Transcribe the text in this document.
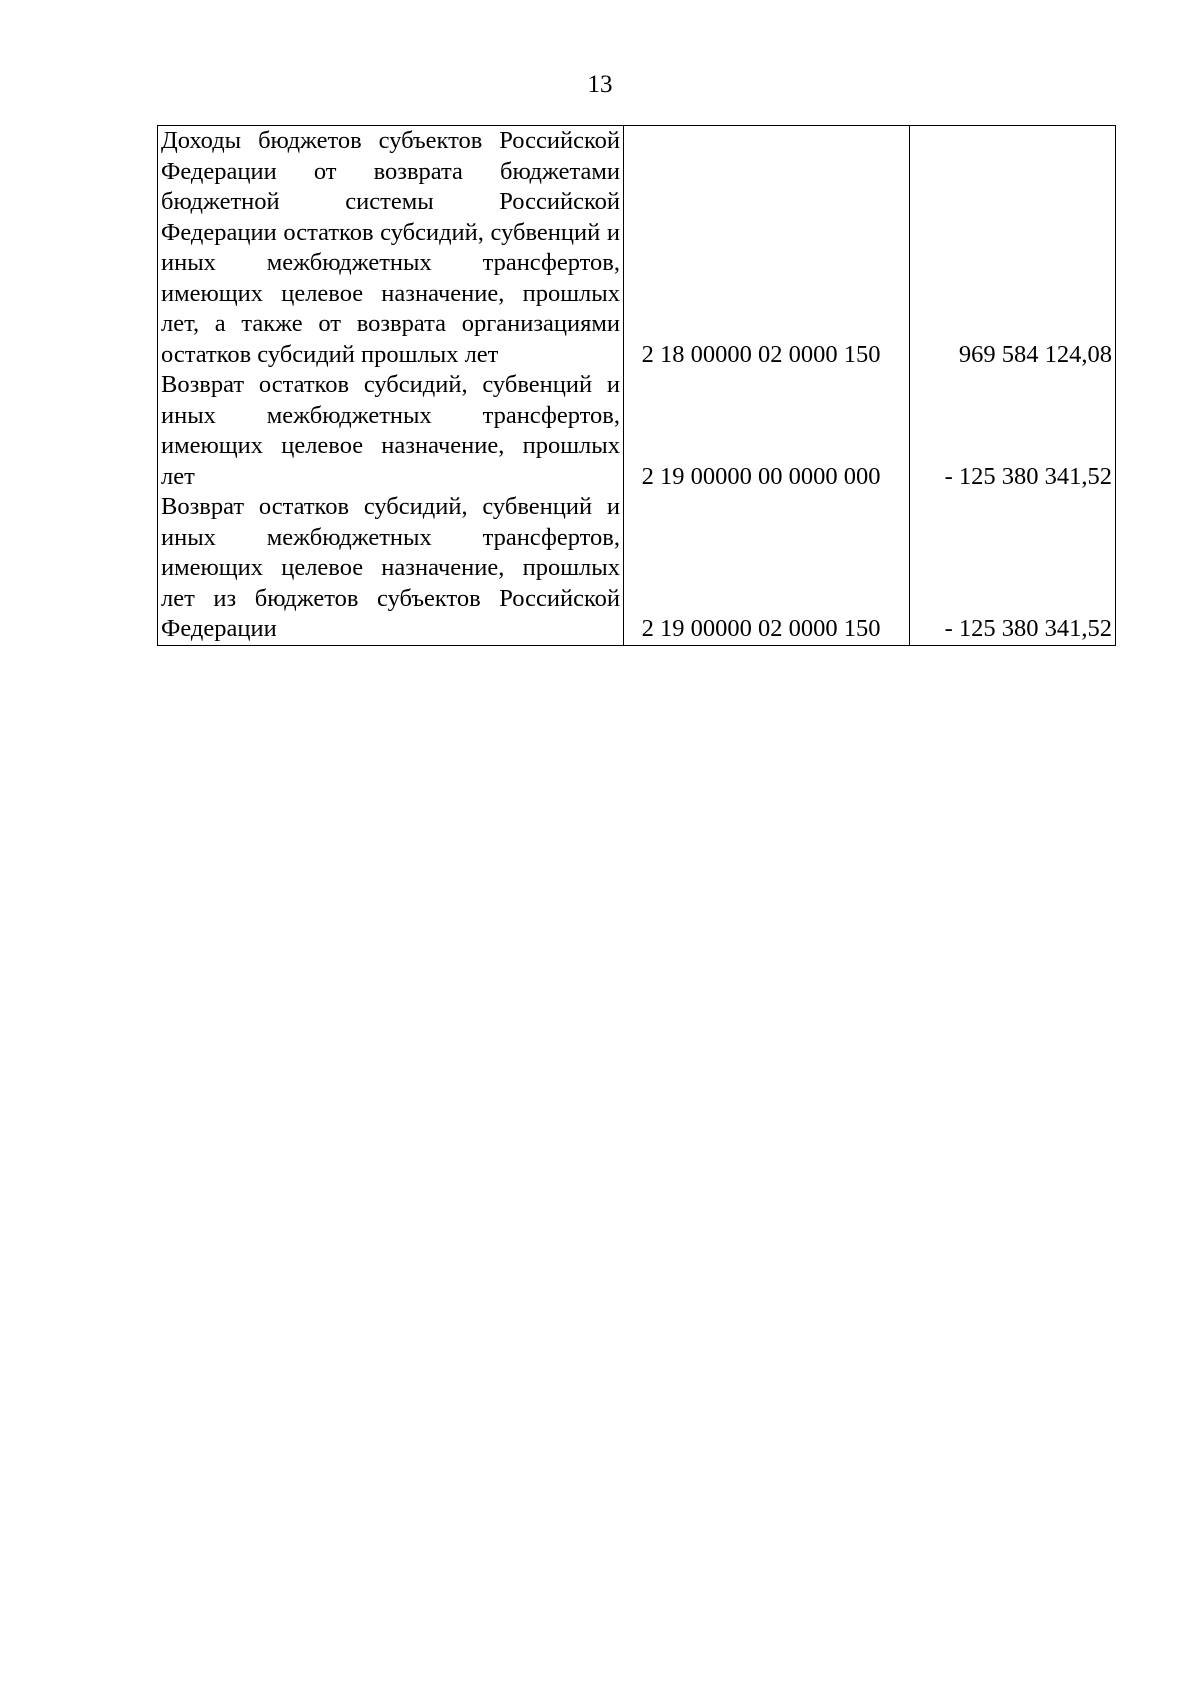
13
Доходы бюджетов субъектов Российской Федерации от возврата бюджетами бюджетной системы Российской Федерации остатков субсидий, субвенций и иных межбюджетных трансфертов, имеющих целевое назначение, прошлых лет, а также от возврата организациями остатков субсидий прошлых лет	2 18 00000 02 0000 150	969 584 124,08
Возврат остатков субсидий, субвенций и иных межбюджетных трансфертов, имеющих целевое назначение, прошлых лет	2 19 00000 00 0000 000	- 125 380 341,52
Возврат остатков субсидий, субвенций и иных межбюджетных трансфертов, имеющих целевое назначение, прошлых лет из бюджетов субъектов Российской Федерации	2 19 00000 02 0000 150	- 125 380 341,52
